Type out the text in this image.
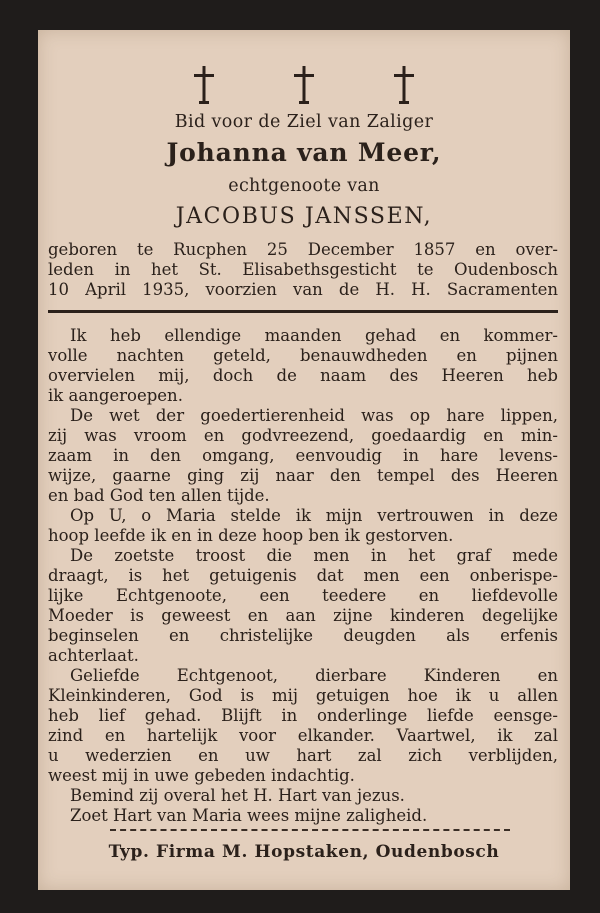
Bid voor de Ziel van Zaliger
Johanna van Meer,
echtgenoote van
JACOBUS JANSSEN,
geboren te Rucphen 25 December 1857 en over-
leden in het St. Elisabethsgesticht te Oudenbosch
10 April 1935, voorzien van de H. H. Sacramenten
Ik heb ellendige maanden gehad en kommer-
volle nachten geteld, benauwdheden en pijnen
overvielen mij, doch de naam des Heeren heb
ik aangeroepen.
De wet der goedertierenheid was op hare lippen,
zij was vroom en godvreezend, goedaardig en min-
zaam in den omgang, eenvoudig in hare levens-
wijze, gaarne ging zij naar den tempel des Heeren
en bad God ten allen tijde.
Op U, o Maria stelde ik mijn vertrouwen in deze
hoop leefde ik en in deze hoop ben ik gestorven.
De zoetste troost die men in het graf mede
draagt, is het getuigenis dat men een onberispe-
lijke Echtgenoote, een teedere en liefdevolle
Moeder is geweest en aan zijne kinderen degelijke
beginselen en christelijke deugden als erfenis
achterlaat.
Geliefde Echtgenoot, dierbare Kinderen en
Kleinkinderen, God is mij getuigen hoe ik u allen
heb lief gehad. Blijft in onderlinge liefde eensge-
zind en hartelijk voor elkander. Vaartwel, ik zal
u wederzien en uw hart zal zich verblijden,
weest mij in uwe gebeden indachtig.
Bemind zij overal het H. Hart van jezus.
Zoet Hart van Maria wees mijne zaligheid.
Typ. Firma M. Hopstaken, Oudenbosch
